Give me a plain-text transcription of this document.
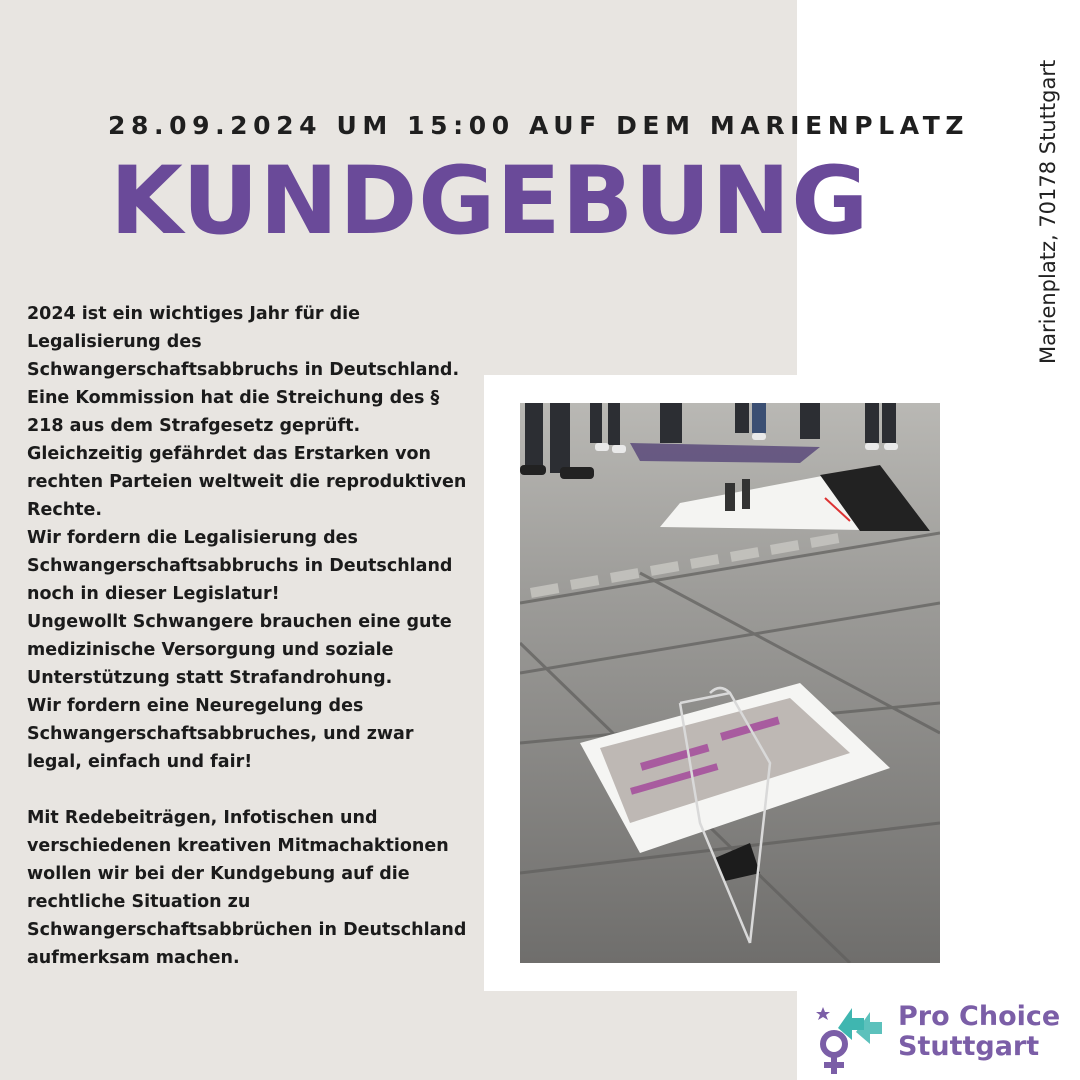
28.09.2024 UM 15:00 AUF DEM MARIENPLATZ
KUNDGEBUNG	Marienplatz, 70178 Stuttgart

2024 ist ein wichtiges Jahr für die Legalisierung des Schwangerschaftsabbruchs in Deutschland.

Eine Kommission hat die Streichung des § 218 aus dem Strafgesetz geprüft.

Gleichzeitig gefährdet das Erstarken von rechten Parteien weltweit die reproduktiven Rechte.

Wir fordern die Legalisierung des Schwangerschaftsabbruchs in Deutschland noch in dieser Legislatur!

Ungewollt Schwangere brauchen eine gute medizinische Versorgung und soziale Unterstützung statt Strafandrohung.

Wir fordern eine Neuregelung des Schwangerschaftsabbruches, und zwar legal, einfach und fair!

Mit Redebeiträgen, Infotischen und verschiedenen kreativen Mitmachaktionen wollen wir bei der Kundgebung auf die rechtliche Situation zu Schwangerschaftsabbrüchen in Deutschland aufmerksam machen.

Pro Choice
Stuttgart
